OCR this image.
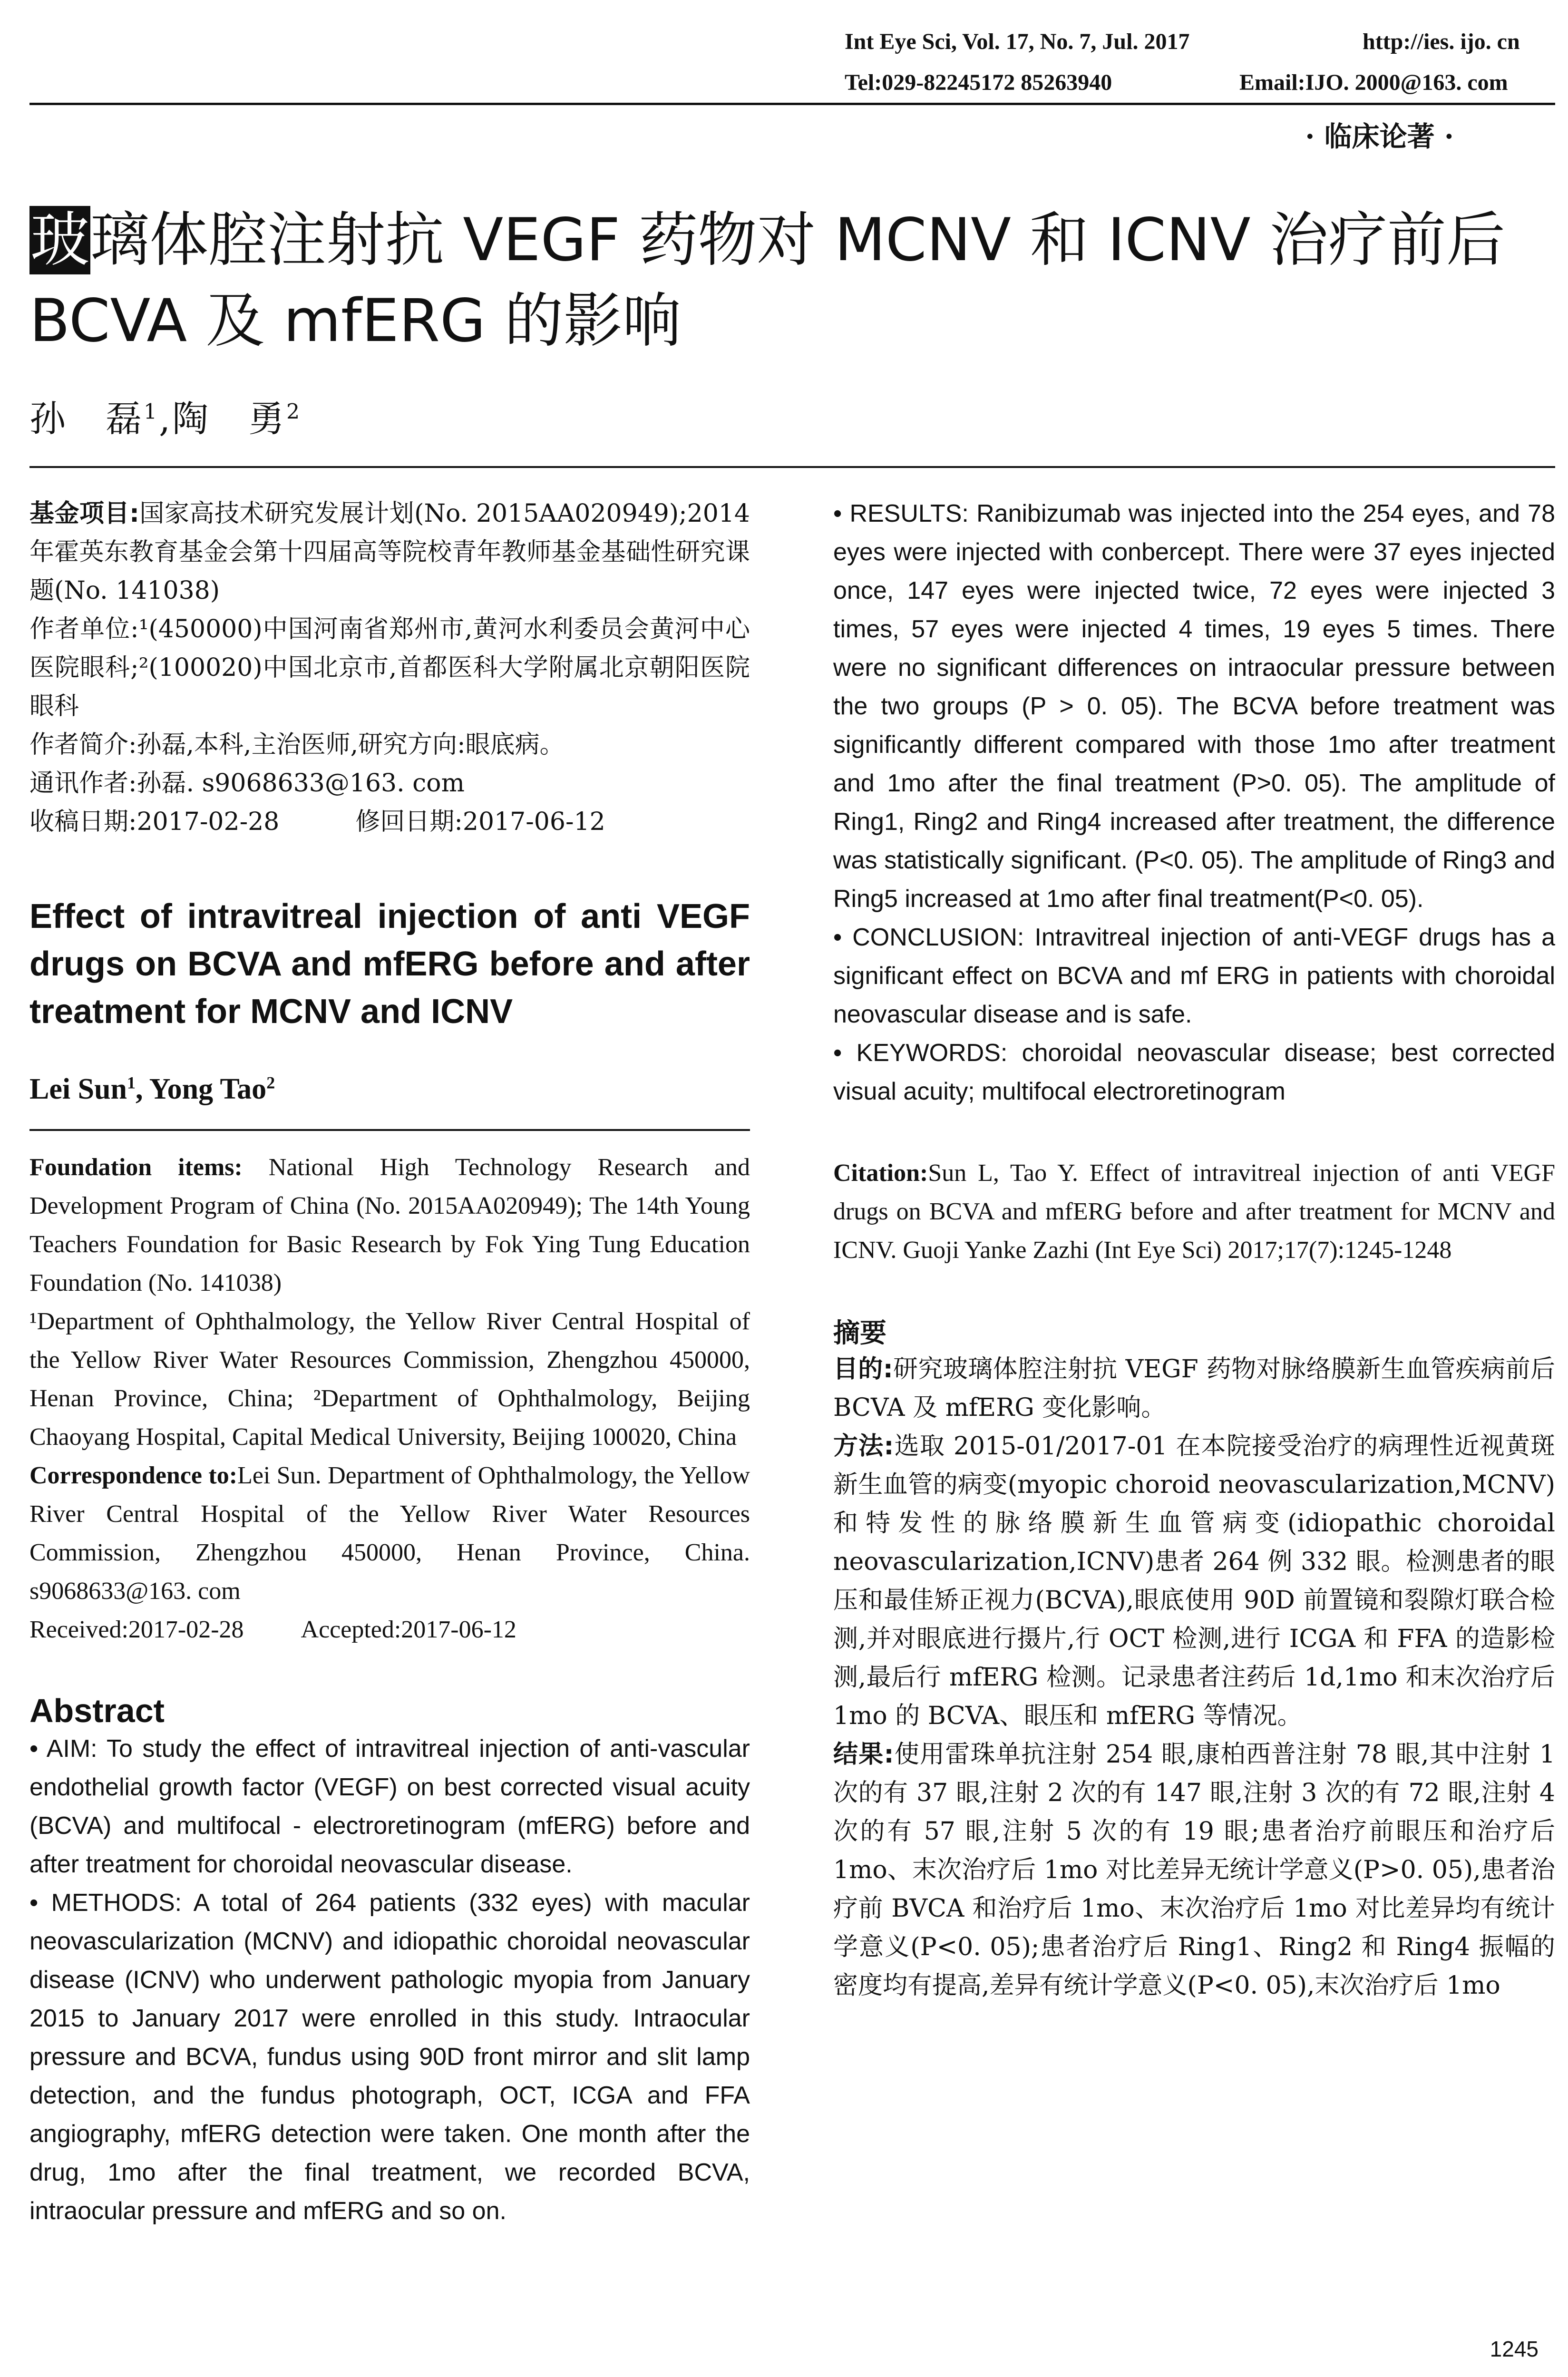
Int Eye Sci, Vol. 17, No. 7, Jul. 2017	http://ies. ijo. cn
Tel:029-82245172 85263940	Email:IJO. 2000@163. com
· 临床论著 ·
玻璃体腔注射抗 VEGF 药物对 MCNV 和 ICNV 治疗前后 BCVA 及 mfERG 的影响
孙　磊$^1$,陶　勇$^2$

基金项目:国家高技术研究发展计划(No. 2015AA020949);2014 年霍英东教育基金会第十四届高等院校青年教师基金基础性研究课题(No. 141038)

作者单位:¹(450000)中国河南省郑州市,黄河水利委员会黄河中心医院眼科;²(100020)中国北京市,首都医科大学附属北京朝阳医院眼科

作者简介:孙磊,本科,主治医师,研究方向:眼底病。

通讯作者:孙磊. s9068633@163. com

收稿日期:2017-02-28	修回日期:2017-06-12

Effect of intravitreal injection of anti VEGF drugs on BCVA and mfERG before and after treatment for MCNV and ICNV

Lei Sun$^1$, Yong Tao$^2$

Foundation items: National High Technology Research and Development Program of China (No. 2015AA020949); The 14th Young Teachers Foundation for Basic Research by Fok Ying Tung Education Foundation (No. 141038)

¹Department of Ophthalmology, the Yellow River Central Hospital of the Yellow River Water Resources Commission, Zhengzhou 450000, Henan Province, China; ²Department of Ophthalmology, Beijing Chaoyang Hospital, Capital Medical University, Beijing 100020, China

Correspondence to:Lei Sun. Department of Ophthalmology, the Yellow River Central Hospital of the Yellow River Water Resources Commission, Zhengzhou 450000, Henan Province, China. s9068633@163. com

Received:2017-02-28 Accepted:2017-06-12

Abstract

• AIM: To study the effect of intravitreal injection of anti-vascular endothelial growth factor (VEGF) on best corrected visual acuity (BCVA) and multifocal - electroretinogram (mfERG) before and after treatment for choroidal neovascular disease.

• METHODS: A total of 264 patients (332 eyes) with macular neovascularization (MCNV) and idiopathic choroidal neovascular disease (ICNV) who underwent pathologic myopia from January 2015 to January 2017 were enrolled in this study. Intraocular pressure and BCVA, fundus using 90D front mirror and slit lamp detection, and the fundus photograph, OCT, ICGA and FFA angiography, mfERG detection were taken. One month after the drug, 1mo after the final treatment, we recorded BCVA, intraocular pressure and mfERG and so on.

• RESULTS: Ranibizumab was injected into the 254 eyes, and 78 eyes were injected with conbercept. There were 37 eyes injected once, 147 eyes were injected twice, 72 eyes were injected 3 times, 57 eyes were injected 4 times, 19 eyes 5 times. There were no significant differences on intraocular pressure between the two groups (P > 0. 05). The BCVA before treatment was significantly different compared with those 1mo after treatment and 1mo after the final treatment (P>0. 05). The amplitude of Ring1, Ring2 and Ring4 increased after treatment, the difference was statistically significant. (P<0. 05). The amplitude of Ring3 and Ring5 increased at 1mo after final treatment(P<0. 05).

• CONCLUSION: Intravitreal injection of anti-VEGF drugs has a significant effect on BCVA and mf ERG in patients with choroidal neovascular disease and is safe.

• KEYWORDS: choroidal neovascular disease; best corrected visual acuity; multifocal electroretinogram

Citation:Sun L, Tao Y. Effect of intravitreal injection of anti VEGF drugs on BCVA and mfERG before and after treatment for MCNV and ICNV. Guoji Yanke Zazhi (Int Eye Sci) 2017;17(7):1245-1248

摘要

目的:研究玻璃体腔注射抗 VEGF 药物对脉络膜新生血管疾病前后 BCVA 及 mfERG 变化影响。

方法:选取 2015-01/2017-01 在本院接受治疗的病理性近视黄斑新生血管的病变(myopic choroid neovascularization,MCNV)和特发性的脉络膜新生血管病变(idiopathic choroidal neovascularization,ICNV)患者 264 例 332 眼。检测患者的眼压和最佳矫正视力(BCVA),眼底使用 90D 前置镜和裂隙灯联合检测,并对眼底进行摄片,行 OCT 检测,进行 ICGA 和 FFA 的造影检测,最后行 mfERG 检测。记录患者注药后 1d,1mo 和末次治疗后 1mo 的 BCVA、眼压和 mfERG 等情况。

结果:使用雷珠单抗注射 254 眼,康柏西普注射 78 眼,其中注射 1 次的有 37 眼,注射 2 次的有 147 眼,注射 3 次的有 72 眼,注射 4 次的有 57 眼,注射 5 次的有 19 眼;患者治疗前眼压和治疗后 1mo、末次治疗后 1mo 对比差异无统计学意义(P>0. 05),患者治疗前 BVCA 和治疗后 1mo、末次治疗后 1mo 对比差异均有统计学意义(P<0. 05);患者治疗后 Ring1、Ring2 和 Ring4 振幅的密度均有提高,差异有统计学意义(P<0. 05),末次治疗后 1mo

1245
